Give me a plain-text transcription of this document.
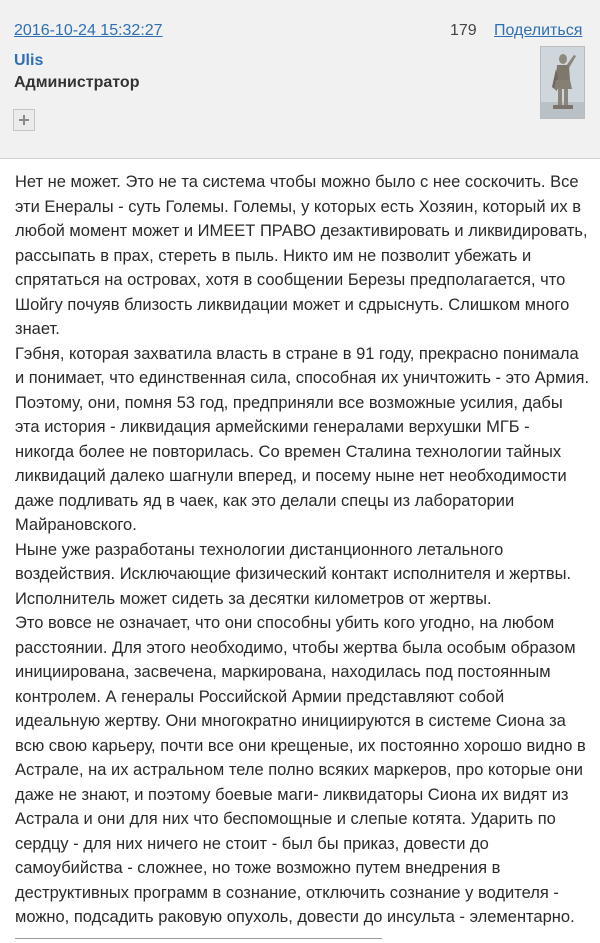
2016-10-24 15:32:27	179 Поделиться
Ulis
Администратор

Нет не может. Это не та система чтобы можно было с нее соскочить. Все эти Енералы - суть Големы. Големы, у которых есть Хозяин, который их в любой момент может и ИМЕЕТ ПРАВО дезактивировать и ликвидировать, рассыпать в прах, стереть в пыль. Никто им не позволит убежать и спрятаться на островах, хотя в сообщении Березы предполагается, что Шойгу почуяв близость ликвидации может и сдрыснуть. Слишком много знает.

Гэбня, которая захватила власть в стране в 91 году, прекрасно понимала и понимает, что единственная сила, способная их уничтожить - это Армия. Поэтому, они, помня 53 год, предприняли все возможные усилия, дабы эта история - ликвидация армейскими генералами верхушки МГБ - никогда более не повторилась. Со времен Сталина технологии тайных ликвидаций далеко шагнули вперед, и посему ныне нет необходимости даже подливать яд в чаек, как это делали спецы из лаборатории Майрановского.

Ныне уже разработаны технологии дистанционного летального воздействия. Исключающие физический контакт исполнителя и жертвы. Исполнитель может сидеть за десятки километров от жертвы.

Это вовсе не означает, что они способны убить кого угодно, на любом расстоянии. Для этого необходимо, чтобы жертва была особым образом инициирована, засвечена, маркирована, находилась под постоянным контролем. А генералы Российской Армии представляют собой идеальную жертву. Они многократно инициируются в системе Сиона за всю свою карьеру, почти все они крещеные, их постоянно хорошо видно в Астрале, на их астральном теле полно всяких маркеров, про которые они даже не знают, и поэтому боевые маги- ликвидаторы Сиона их видят из Астрала и они для них что беспомощные и слепые котята. Ударить по сердцу - для них ничего не стоит - был бы приказ, довести до самоубийства - сложнее, но тоже возможно путем внедрения в деструктивных программ в сознание, отключить сознание у водителя - можно, подсадить раковую опухоль, довести до инсульта - элементарно.
